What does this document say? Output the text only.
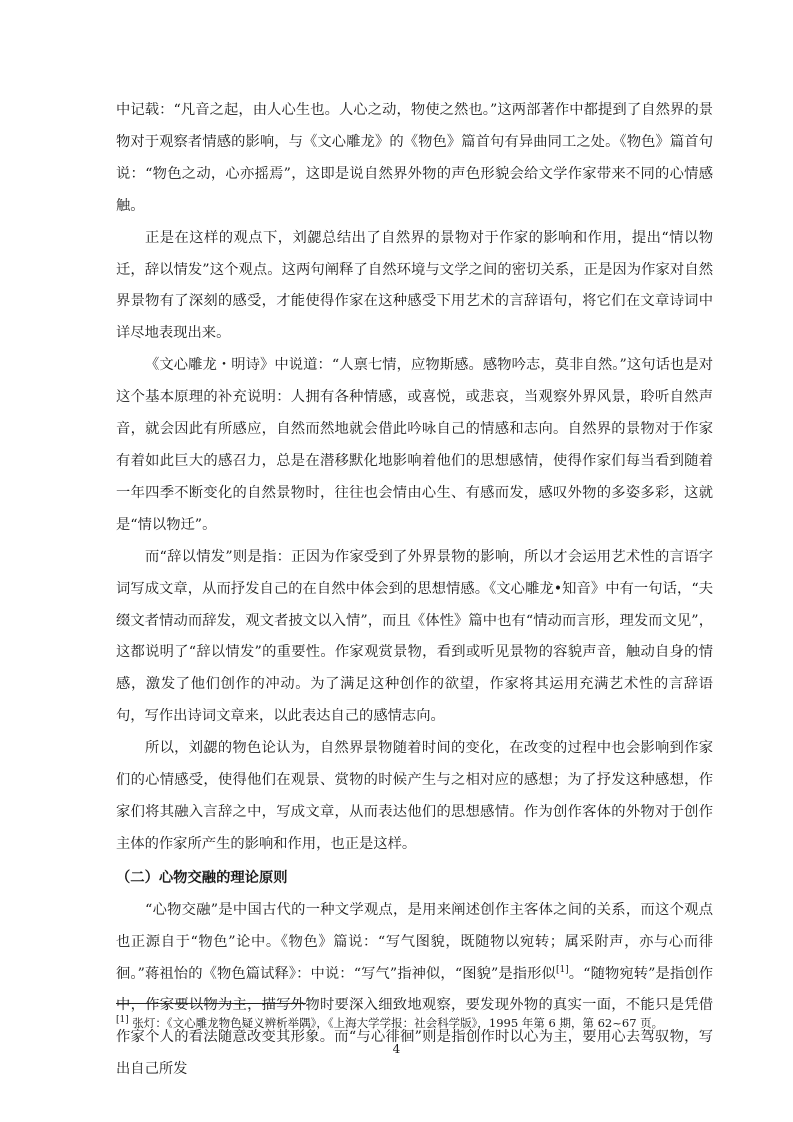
中记载：“凡音之起，由人心生也。人心之动，物使之然也。”这两部著作中都提到了自然界的景物对于观察者情感的影响，与《文心雕龙》的《物色》篇首句有异曲同工之处。《物色》篇首句说：“物色之动，心亦摇焉”，这即是说自然界外物的声色形貌会给文学作家带来不同的心情感触。

正是在这样的观点下，刘勰总结出了自然界的景物对于作家的影响和作用，提出“情以物迁，辞以情发”这个观点。这两句阐释了自然环境与文学之间的密切关系，正是因为作家对自然界景物有了深刻的感受，才能使得作家在这种感受下用艺术的言辞语句，将它们在文章诗词中详尽地表现出来。

《文心雕龙・明诗》中说道：“人禀七情，应物斯感。感物吟志，莫非自然。”这句话也是对这个基本原理的补充说明：人拥有各种情感，或喜悦，或悲哀，当观察外界风景，聆听自然声音，就会因此有所感应，自然而然地就会借此吟咏自己的情感和志向。自然界的景物对于作家有着如此巨大的感召力，总是在潜移默化地影响着他们的思想感情，使得作家们每当看到随着一年四季不断变化的自然景物时，往往也会情由心生、有感而发，感叹外物的多姿多彩，这就是“情以物迁”。

而“辞以情发”则是指：正因为作家受到了外界景物的影响，所以才会运用艺术性的言语字词写成文章，从而抒发自己的在自然中体会到的思想情感。《文心雕龙•知音》中有一句话，“夫缀文者情动而辞发，观文者披文以入情”，而且《体性》篇中也有“情动而言形，理发而文见”，这都说明了“辞以情发”的重要性。作家观赏景物，看到或听见景物的容貌声音，触动自身的情感，激发了他们创作的冲动。为了满足这种创作的欲望，作家将其运用充满艺术性的言辞语句，写作出诗词文章来，以此表达自己的感情志向。

所以，刘勰的物色论认为，自然界景物随着时间的变化，在改变的过程中也会影响到作家们的心情感受，使得他们在观景、赏物的时候产生与之相对应的感想；为了抒发这种感想，作家们将其融入言辞之中，写成文章，从而表达他们的思想感情。作为创作客体的外物对于创作主体的作家所产生的影响和作用，也正是这样。

（二）心物交融的理论原则

“心物交融”是中国古代的一种文学观点，是用来阐述创作主客体之间的关系，而这个观点也正源自于“物色”论中。《物色》篇说：“写气图貌，既随物以宛转；属采附声，亦与心而徘徊。”蒋祖怡的《物色篇试释》：中说：“写气”指神似，“图貌”是指形似[1]。“随物宛转”是指创作中，作家要以物为主，描写外物时要深入细致地观察，要发现外物的真实一面，不能只是凭借作家个人的看法随意改变其形象。而“与心徘徊”则是指创作时以心为主，要用心去驾驭物，写出自己所发

[1] 张灯：《文心雕龙物色疑义辨析举隅》，《上海大学学报：社会科学版》，1995 年第 6 期，第 62~67 页。
4
